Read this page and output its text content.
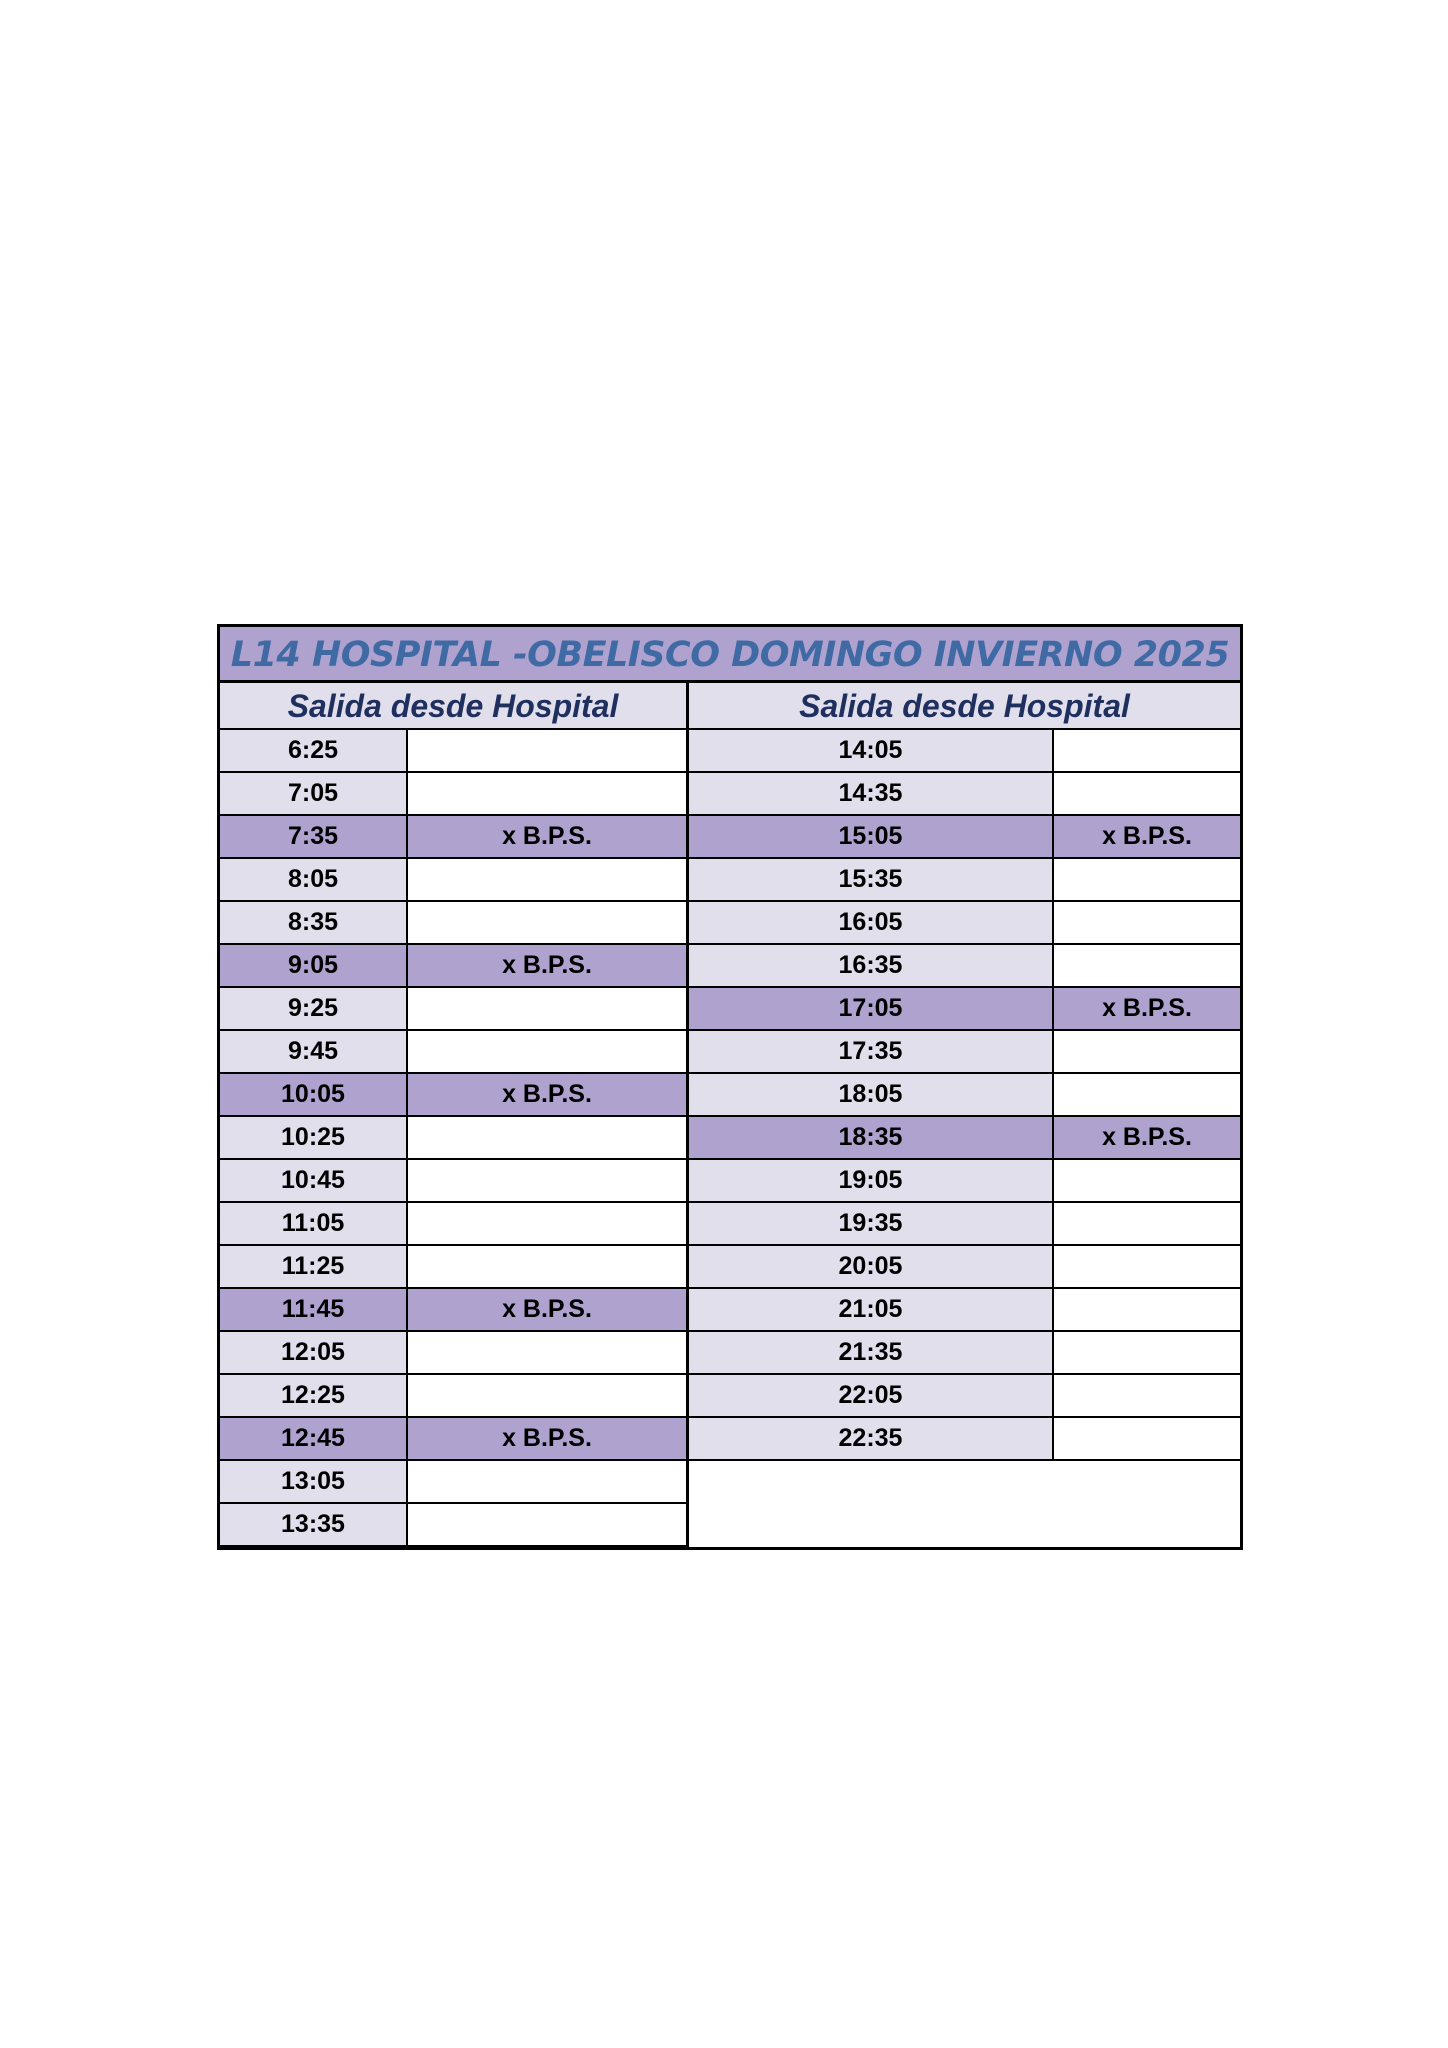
L14 HOSPITAL -OBELISCO DOMINGO INVIERNO 2025
Salida desde Hospital
6:25
7:05
7:35	x B.P.S.
8:05
8:35
9:05	x B.P.S.
9:25
9:45
10:05	x B.P.S.
10:25
10:45
11:05
11:25
11:45	x B.P.S.
12:05
12:25
12:45	x B.P.S.
13:05
13:35
Salida desde Hospital
14:05
14:35
15:05	x B.P.S.
15:35
16:05
16:35
17:05	x B.P.S.
17:35
18:05
18:35	x B.P.S.
19:05
19:35
20:05
21:05
21:35
22:05
22:35
